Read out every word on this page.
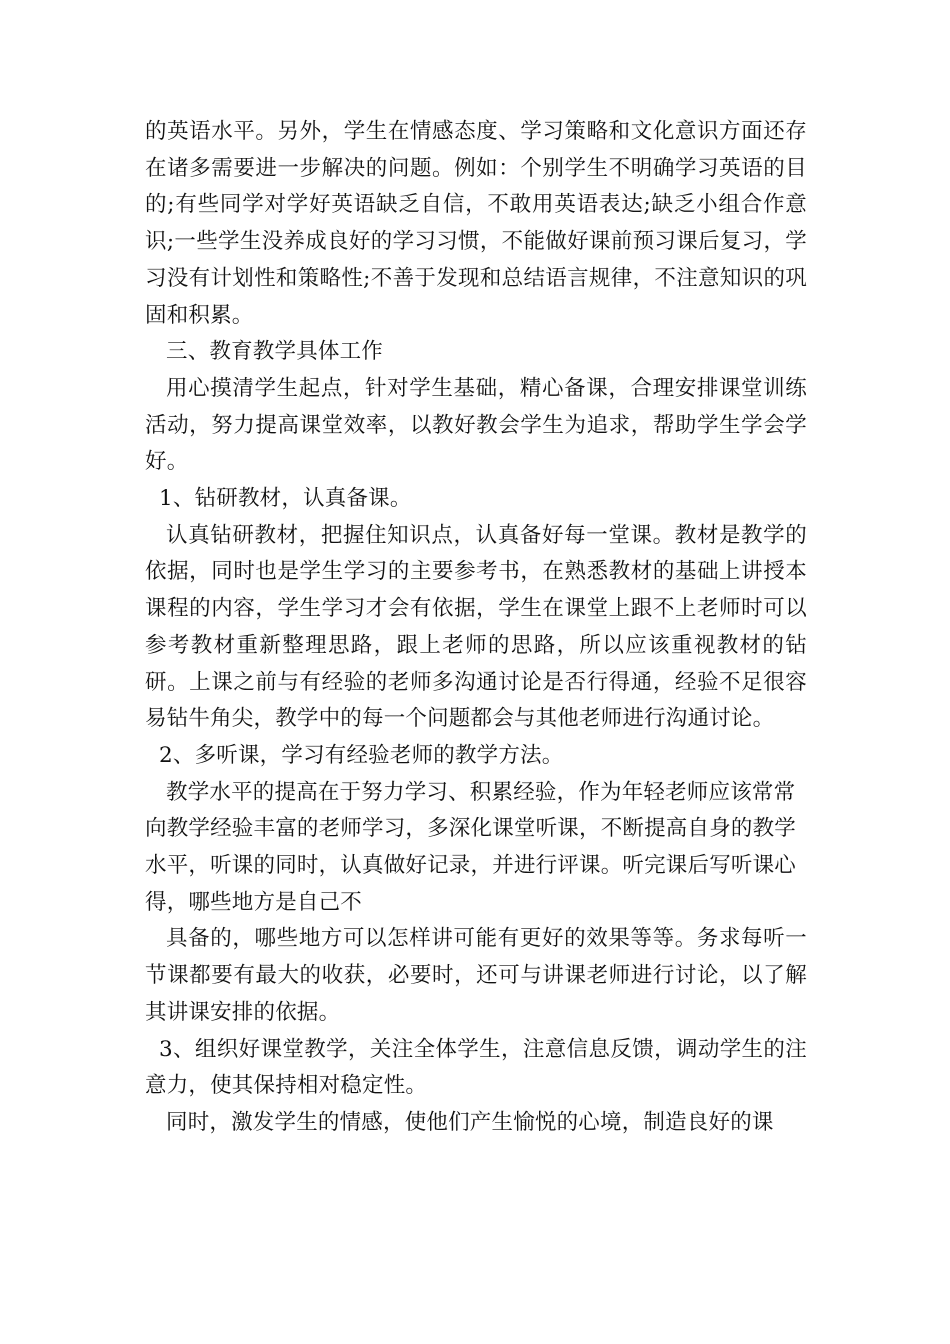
的英语水平。另外，学生在情感态度、学习策略和文化意识方面还存在诸多需要进一步解决的问题。例如：个别学生不明确学习英语的目的;有些同学对学好英语缺乏自信，不敢用英语表达;缺乏小组合作意识;一些学生没养成良好的学习习惯，不能做好课前预习课后复习，学习没有计划性和策略性;不善于发现和总结语言规律，不注意知识的巩固和积累。

三、教育教学具体工作

用心摸清学生起点，针对学生基础，精心备课，合理安排课堂训练活动，努力提高课堂效率，以教好教会学生为追求，帮助学生学会学好。

1、钻研教材，认真备课。

认真钻研教材，把握住知识点，认真备好每一堂课。教材是教学的依据，同时也是学生学习的主要参考书，在熟悉教材的基础上讲授本课程的内容，学生学习才会有依据，学生在课堂上跟不上老师时可以参考教材重新整理思路，跟上老师的思路，所以应该重视教材的钻研。上课之前与有经验的老师多沟通讨论是否行得通，经验不足很容易钻牛角尖，教学中的每一个问题都会与其他老师进行沟通讨论。

2、多听课，学习有经验老师的教学方法。

教学水平的提高在于努力学习、积累经验，作为年轻老师应该常常向教学经验丰富的老师学习，多深化课堂听课，不断提高自身的教学水平，听课的同时，认真做好记录，并进行评课。听完课后写听课心得，哪些地方是自己不

具备的，哪些地方可以怎样讲可能有更好的效果等等。务求每听一节课都要有最大的收获，必要时，还可与讲课老师进行讨论，以了解其讲课安排的依据。

3、组织好课堂教学，关注全体学生，注意信息反馈，调动学生的注意力，使其保持相对稳定性。

同时，激发学生的情感，使他们产生愉悦的心境，制造良好的课
